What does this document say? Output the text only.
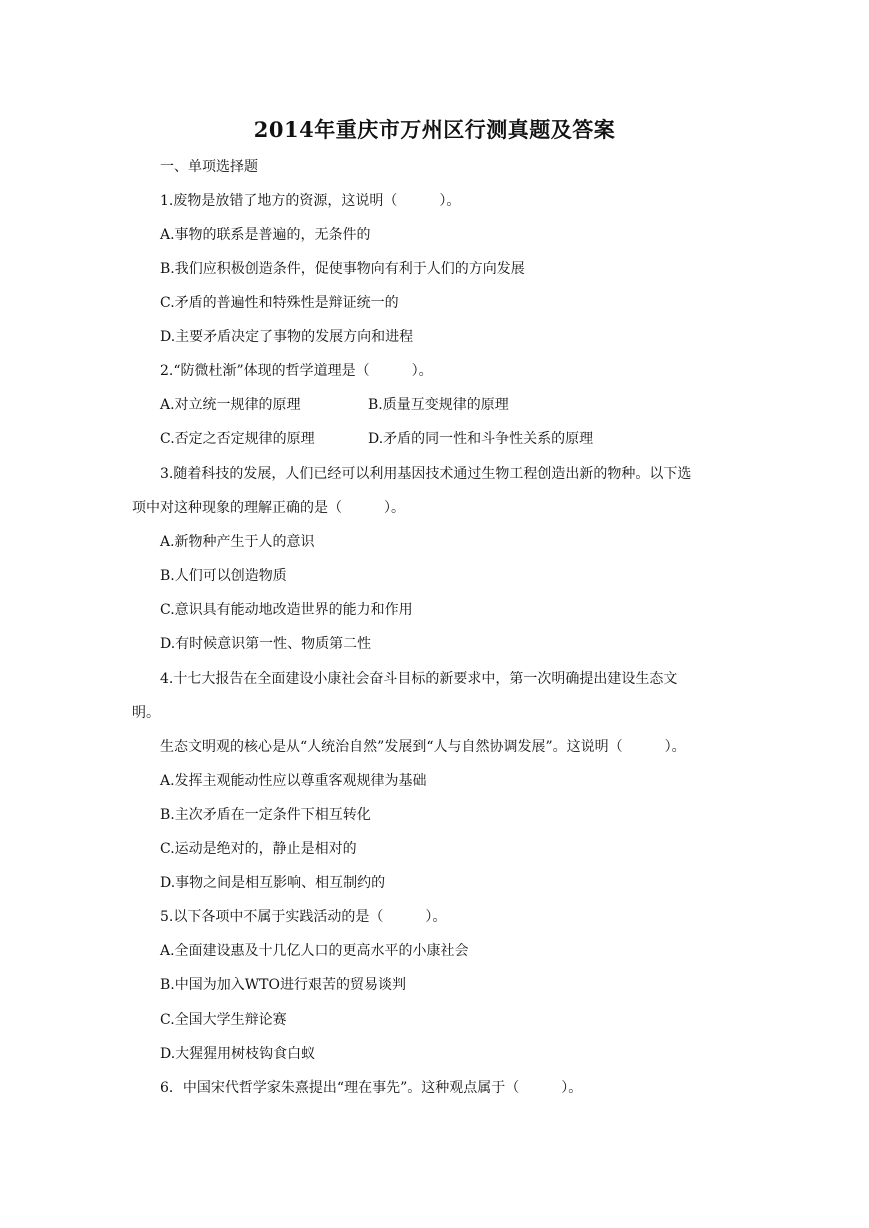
2014年重庆市万州区行测真题及答案
一、单项选择题
1.废物是放错了地方的资源，这说明（　　　）。
A.事物的联系是普遍的，无条件的
B.我们应积极创造条件，促使事物向有利于人们的方向发展
C.矛盾的普遍性和特殊性是辩证统一的
D.主要矛盾决定了事物的发展方向和进程
2.“防微杜渐”体现的哲学道理是（　　　）。
A.对立统一规律的原理	B.质量互变规律的原理
C.否定之否定规律的原理	D.矛盾的同一性和斗争性关系的原理
3.随着科技的发展，人们已经可以利用基因技术通过生物工程创造出新的物种。以下选
项中对这种现象的理解正确的是（　　　）。
A.新物种产生于人的意识
B.人们可以创造物质
C.意识具有能动地改造世界的能力和作用
D.有时候意识第一性、物质第二性
4.十七大报告在全面建设小康社会奋斗目标的新要求中，第一次明确提出建设生态文
明。
生态文明观的核心是从“人统治自然”发展到“人与自然协调发展”。这说明（　　　）。
A.发挥主观能动性应以尊重客观规律为基础
B.主次矛盾在一定条件下相互转化
C.运动是绝对的，静止是相对的
D.事物之间是相互影响、相互制约的
5.以下各项中不属于实践活动的是（　　　）。
A.全面建设惠及十几亿人口的更高水平的小康社会
B.中国为加入WTO进行艰苦的贸易谈判
C.全国大学生辩论赛
D.大猩猩用树枝钩食白蚁
6．中国宋代哲学家朱熹提出“理在事先”。这种观点属于（　　　）。
